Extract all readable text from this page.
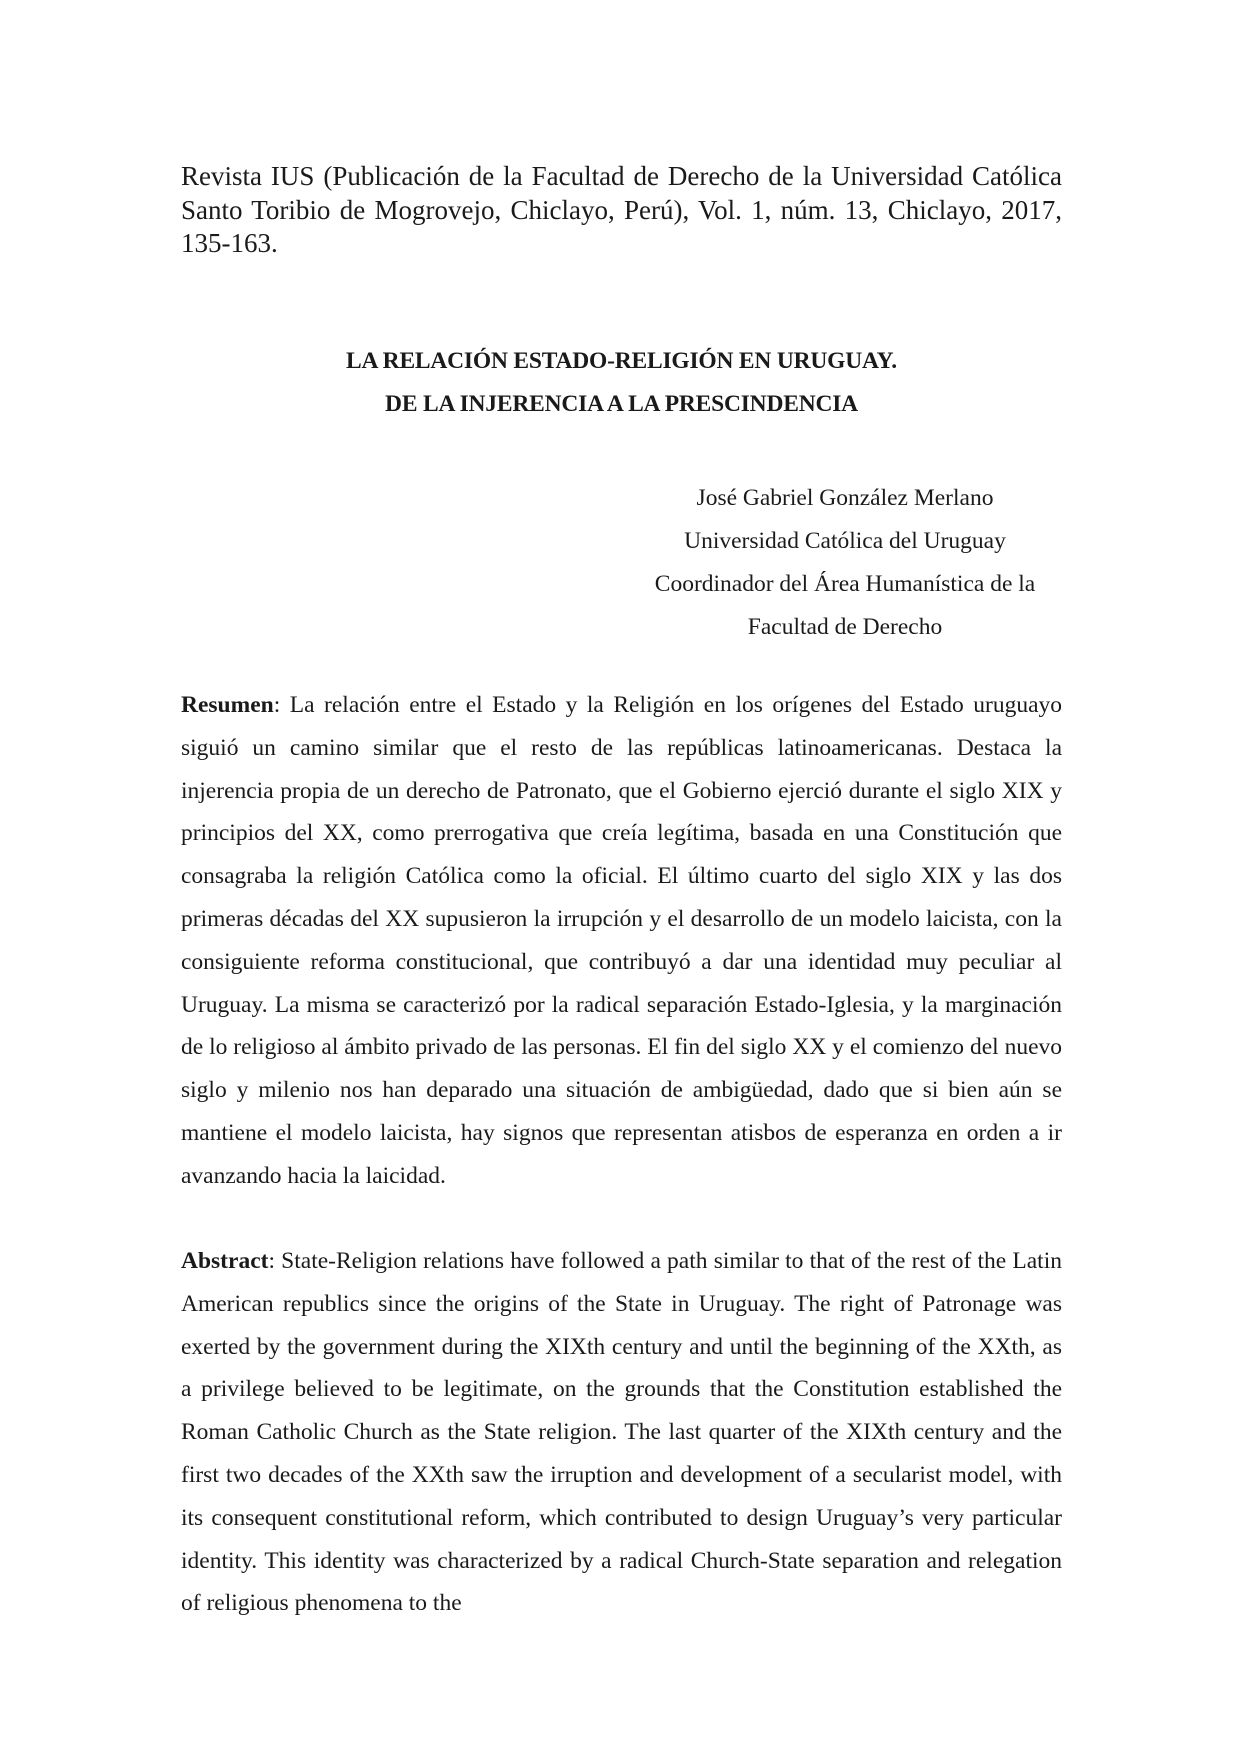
Revista IUS (Publicación de la Facultad de Derecho de la Universidad Católica Santo Toribio de Mogrovejo, Chiclayo, Perú), Vol. 1, núm. 13, Chiclayo, 2017, 135-163.
LA RELACIÓN ESTADO-RELIGIÓN EN URUGUAY.
DE LA INJERENCIA A LA PRESCINDENCIA
José Gabriel González Merlano
Universidad Católica del Uruguay
Coordinador del Área Humanística de la
Facultad de Derecho

Resumen: La relación entre el Estado y la Religión en los orígenes del Estado uruguayo siguió un camino similar que el resto de las repúblicas latinoamericanas. Destaca la injerencia propia de un derecho de Patronato, que el Gobierno ejerció durante el siglo XIX y principios del XX, como prerrogativa que creía legítima, basada en una Constitución que consagraba la religión Católica como la oficial. El último cuarto del siglo XIX y las dos primeras décadas del XX supusieron la irrupción y el desarrollo de un modelo laicista, con la consiguiente reforma constitucional, que contribuyó a dar una identidad muy peculiar al Uruguay. La misma se caracterizó por la radical separación Estado-Iglesia, y la marginación de lo religioso al ámbito privado de las personas. El fin del siglo XX y el comienzo del nuevo siglo y milenio nos han deparado una situación de ambigüedad, dado que si bien aún se mantiene el modelo laicista, hay signos que representan atisbos de esperanza en orden a ir avanzando hacia la laicidad.

Abstract: State-Religion relations have followed a path similar to that of the rest of the Latin American republics since the origins of the State in Uruguay. The right of Patronage was exerted by the government during the XIXth century and until the beginning of the XXth, as a privilege believed to be legitimate, on the grounds that the Constitution established the Roman Catholic Church as the State religion. The last quarter of the XIXth century and the first two decades of the XXth saw the irruption and development of a secularist model, with its consequent constitutional reform, which contributed to design Uruguay’s very particular identity. This identity was characterized by a radical Church-State separation and relegation of religious phenomena to the
